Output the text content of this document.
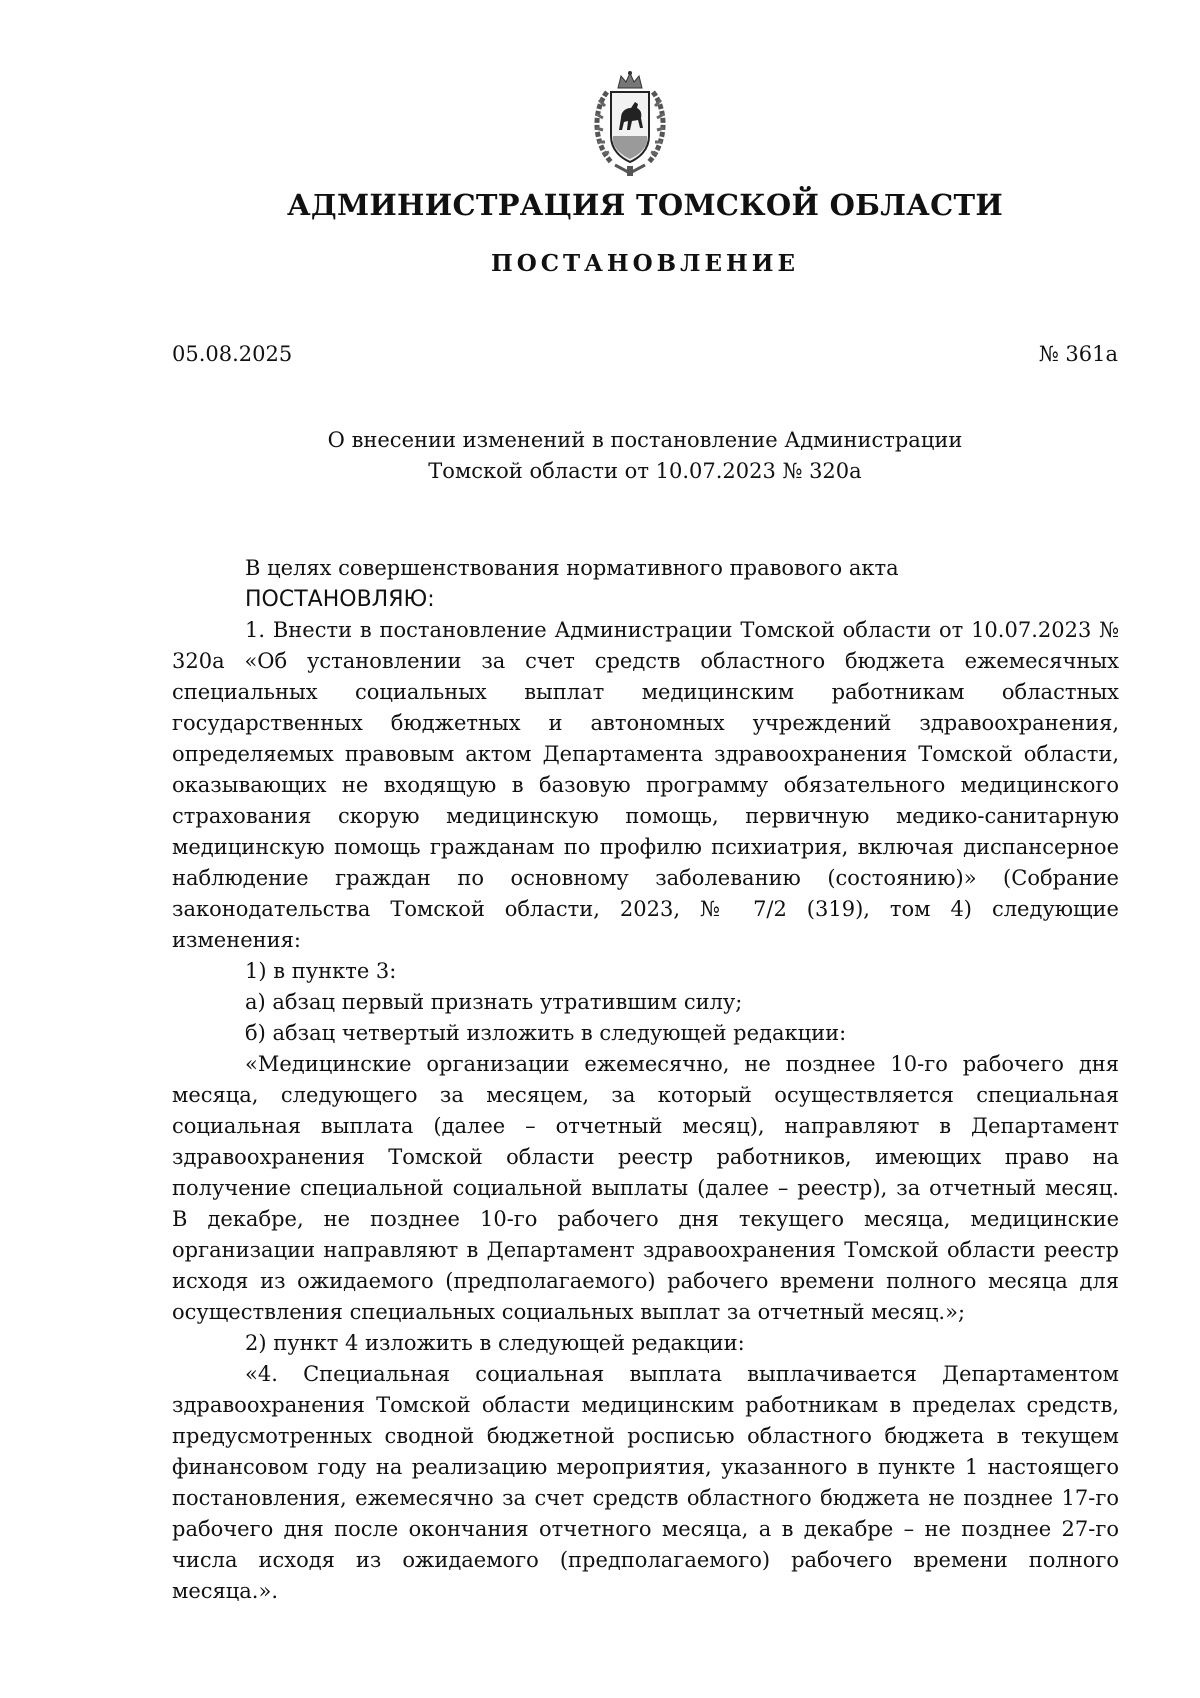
АДМИНИСТРАЦИЯ ТОМСКОЙ ОБЛАСТИ
ПОСТАНОВЛЕНИЕ
05.08.2025	№ 361а
О внесении изменений в постановление Администрации
Томской области от 10.07.2023 № 320а

В целях совершенствования нормативного правового акта

ПОСТАНОВЛЯЮ:

1. Внести в постановление Администрации Томской области от 10.07.2023 № 320а «Об установлении за счет средств областного бюджета ежемесячных специальных социальных выплат медицинским работникам областных государственных бюджетных и автономных учреждений здравоохранения, определяемых правовым актом Департамента здравоохранения Томской области, оказывающих не входящую в базовую программу обязательного медицинского страхования скорую медицинскую помощь, первичную медико-санитарную медицинскую помощь гражданам по профилю психиатрия, включая диспансерное наблюдение граждан по основному заболеванию (состоянию)» (Собрание законодательства Томской области, 2023, № 7/2 (319), том 4) следующие изменения:

1) в пункте 3:

а) абзац первый признать утратившим силу;

б) абзац четвертый изложить в следующей редакции:

«Медицинские организации ежемесячно, не позднее 10-го рабочего дня месяца, следующего за месяцем, за который осуществляется специальная социальная выплата (далее – отчетный месяц), направляют в Департамент здравоохранения Томской области реестр работников, имеющих право на получение специальной социальной выплаты (далее – реестр), за отчетный месяц. В декабре, не позднее 10-го рабочего дня текущего месяца, медицинские организации направляют в Департамент здравоохранения Томской области реестр исходя из ожидаемого (предполагаемого) рабочего времени полного месяца для осуществления специальных социальных выплат за отчетный месяц.»;

2) пункт 4 изложить в следующей редакции:

«4. Специальная социальная выплата выплачивается Департаментом здравоохранения Томской области медицинским работникам в пределах средств, предусмотренных сводной бюджетной росписью областного бюджета в текущем финансовом году на реализацию мероприятия, указанного в пункте 1 настоящего постановления, ежемесячно за счет средств областного бюджета не позднее 17-го рабочего дня после окончания отчетного месяца, а в декабре – не позднее 27-го числа исходя из ожидаемого (предполагаемого) рабочего времени полного месяца.».
